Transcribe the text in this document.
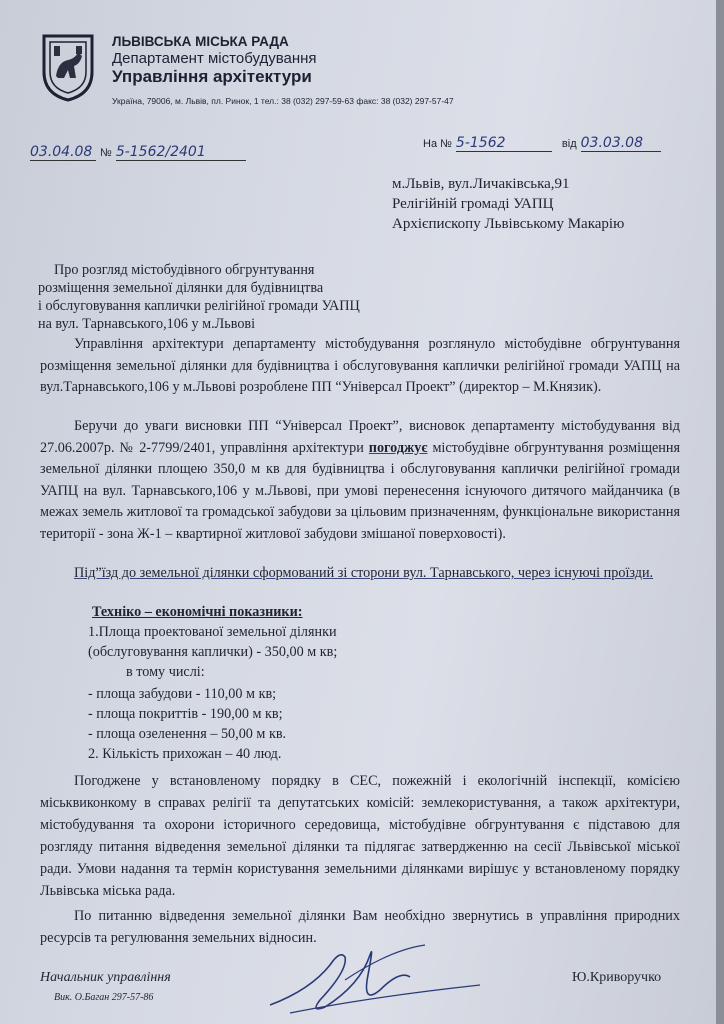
ЛЬВІВСЬКА МІСЬКА РАДА
Департамент містобудування
Управління архітектури
Україна, 79006, м. Львів, пл. Ринок, 1 тел.: 38 (032) 297-59-63 факс: 38 (032) 297-57-47
03.04.08 № 5-1562/2401	На № 5-1562	від 03.03.08
м.Львів, вул.Личаківська,91
Релігійній громаді УАПЦ
Архієпископу Львівському Макарію
Про розгляд містобудівного обгрунтування
розміщення земельної ділянки для будівництва
і обслуговування каплички релігійної громади УАПЦ
на вул. Тарнавського,106 у м.Львові

Управління архітектури департаменту містобудування розглянуло містобудівне обгрунтування розміщення земельної ділянки для будівництва і обслуговування каплички релігійної громади УАПЦ на вул.Тарнавського,106 у м.Львові розроблене ПП “Універсал Проект” (директор – М.Князик).

Беручи до уваги висновки ПП “Універсал Проект”, висновок департаменту містобудування від 27.06.2007р. № 2-7799/2401, управління архітектури погоджує містобудівне обгрунтування розміщення земельної ділянки площею 350,0 м кв для будівництва і обслуговування каплички релігійної громади УАПЦ на вул. Тарнавського,106 у м.Львові, при умові перенесення існуючого дитячого майданчика (в межах земель житлової та громадської забудови за цільовим призначенням, функціональне використання території - зона Ж-1 – квартирної житлової забудови змішаної поверховості).

Під”їзд до земельної ділянки сформований зі сторони вул. Тарнавського, через існуючі проїзди.

Техніко – економічні показники:
1.Площа проектованої земельної ділянки
(обслуговування каплички) - 350,00 м кв;
в тому числі:
- площа забудови - 110,00 м кв;
- площа покриттів - 190,00 м кв;
- площа озеленення – 50,00 м кв.
2. Кількість прихожан – 40 люд.

Погоджене у встановленому порядку в СЕС, пожежній і екологічній інспекції, комісією міськвиконкому в справах релігії та депутатських комісій: землекористування, а також архітектури, містобудування та охорони історичного середовища, містобудівне обгрунтування є підставою для розгляду питання відведення земельної ділянки та підлягає затвердженню на сесії Львівської міської ради. Умови надання та термін користування земельними ділянками вирішує у встановленому порядку Львівська міська рада.

По питанню відведення земельної ділянки Вам необхідно звернутись в управління природних ресурсів та регулювання земельних відносин.

Начальник управління	Ю.Криворучко
Вик. О.Баган 297-57-86
